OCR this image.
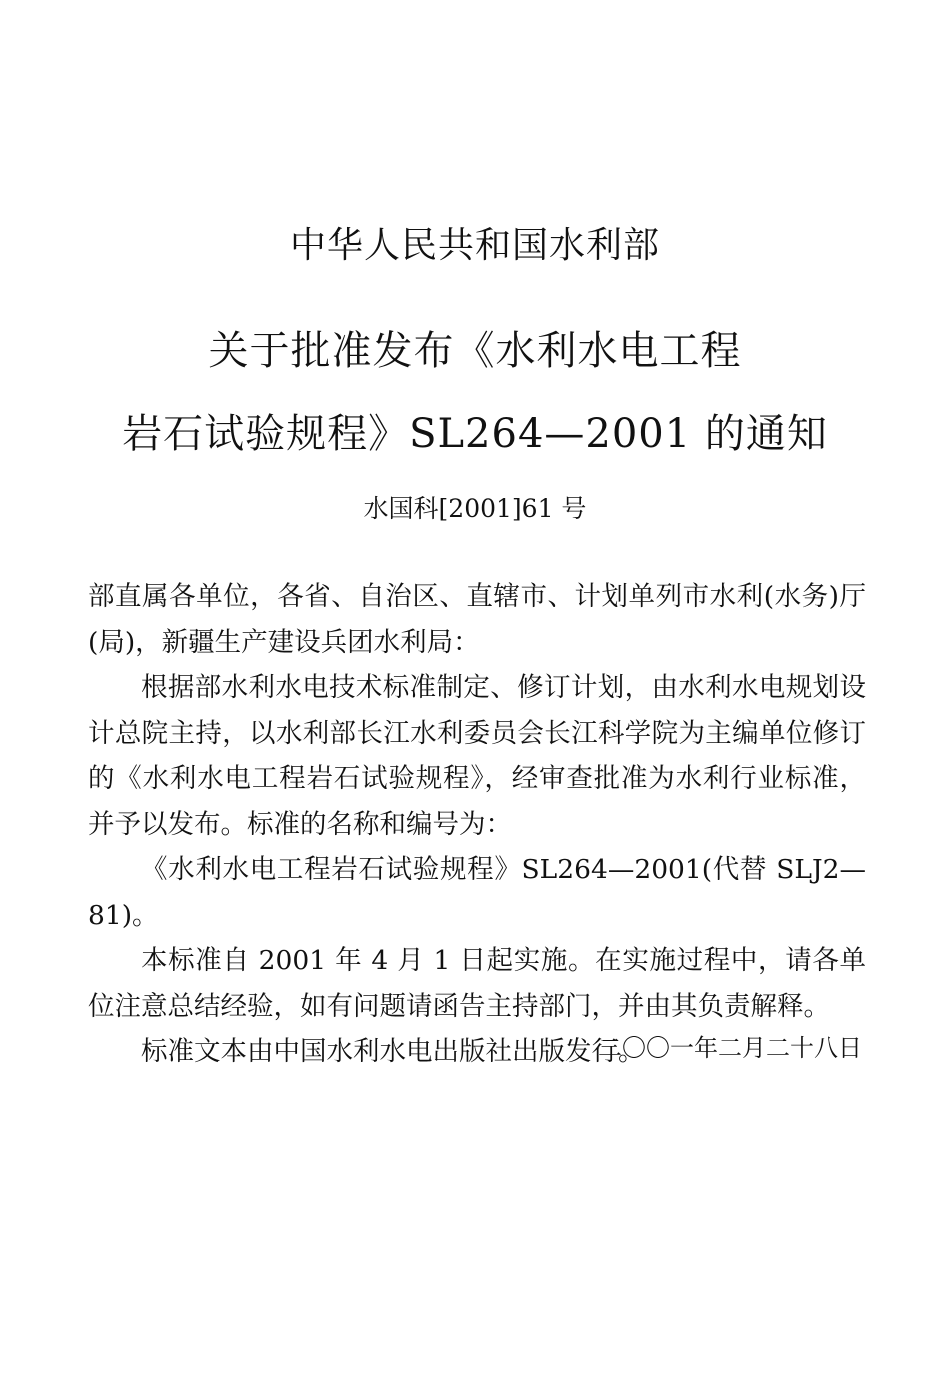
中华人民共和国水利部
关于批准发布《水利水电工程
岩石试验规程》SL264—2001 的通知
水国科[2001]61 号

部直属各单位，各省、自治区、直辖市、计划单列市水利(水务)厅(局)，新疆生产建设兵团水利局：

根据部水利水电技术标准制定、修订计划，由水利水电规划设计总院主持，以水利部长江水利委员会长江科学院为主编单位修订的《水利水电工程岩石试验规程》，经审查批准为水利行业标准，并予以发布。标准的名称和编号为：

《水利水电工程岩石试验规程》SL264—2001(代替 SLJ2—81)。

本标准自 2001 年 4 月 1 日起实施。在实施过程中，请各单位注意总结经验，如有问题请函告主持部门，并由其负责解释。

标准文本由中国水利水电出版社出版发行。

二〇〇一年二月二十八日
